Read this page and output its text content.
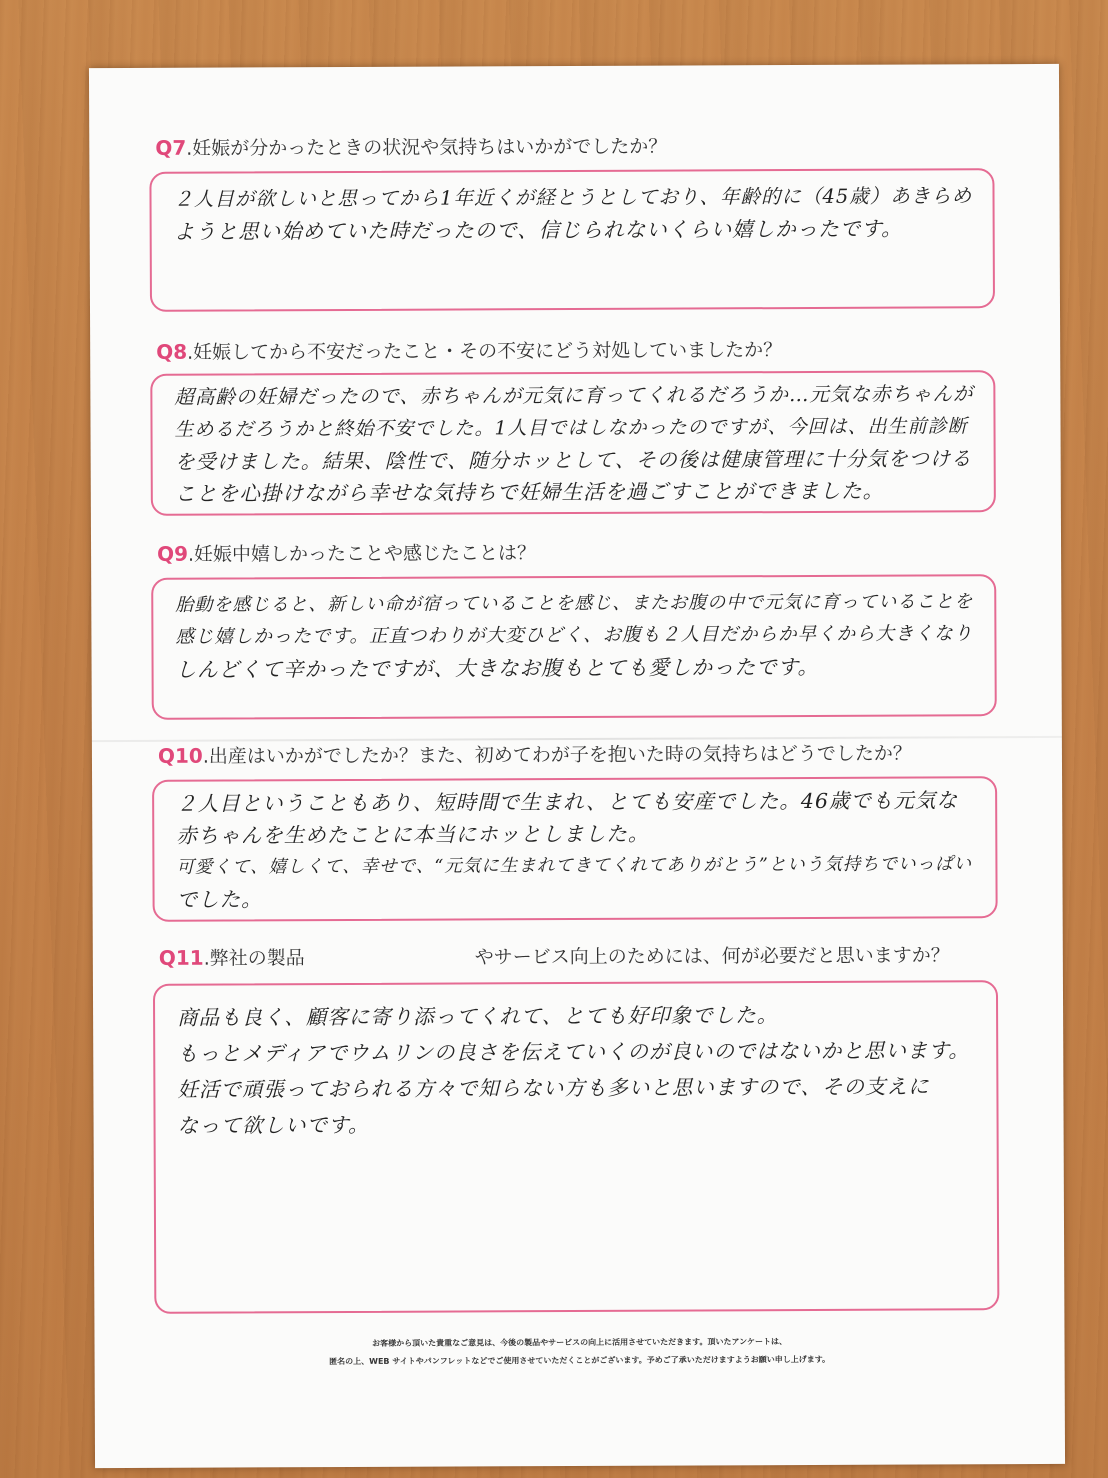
Q7.妊娠が分かったときの状況や気持ちはいかがでしたか？
２人目が欲しいと思ってから1年近くが経とうとしており、年齢的に（45歳）あきらめ
ようと思い始めていた時だったので、信じられないくらい嬉しかったです。
Q8.妊娠してから不安だったこと・その不安にどう対処していましたか？
超高齢の妊婦だったので、赤ちゃんが元気に育ってくれるだろうか…元気な赤ちゃんが
生めるだろうかと終始不安でした。1人目ではしなかったのですが、今回は、出生前診断
を受けました。結果、陰性で、随分ホッとして、その後は健康管理に十分気をつける
ことを心掛けながら幸せな気持ちで妊婦生活を過ごすことができました。
Q9.妊娠中嬉しかったことや感じたことは？
胎動を感じると、新しい命が宿っていることを感じ、またお腹の中で元気に育っていることを
感じ嬉しかったです。正直つわりが大変ひどく、お腹も２人目だからか早くから大きくなり
しんどくて辛かったですが、大きなお腹もとても愛しかったです。
Q10.出産はいかがでしたか？また、初めてわが子を抱いた時の気持ちはどうでしたか？
２人目ということもあり、短時間で生まれ、とても安産でした。46歳でも元気な
赤ちゃんを生めたことに本当にホッとしました。
可愛くて、嬉しくて、幸せで、“元気に生まれてきてくれてありがとう”という気持ちでいっぱい
でした。
Q11.弊社の製品	やサービス向上のためには、何が必要だと思いますか？
商品も良く、顧客に寄り添ってくれて、とても好印象でした。
もっとメディアでウムリンの良さを伝えていくのが良いのではないかと思います。
妊活で頑張っておられる方々で知らない方も多いと思いますので、その支えに
なって欲しいです。
お客様から頂いた貴重なご意見は、今後の製品やサービスの向上に活用させていただきます。頂いたアンケートは、
匿名の上、WEB サイトやパンフレットなどでご使用させていただくことがございます。予めご了承いただけますようお願い申し上げます。
